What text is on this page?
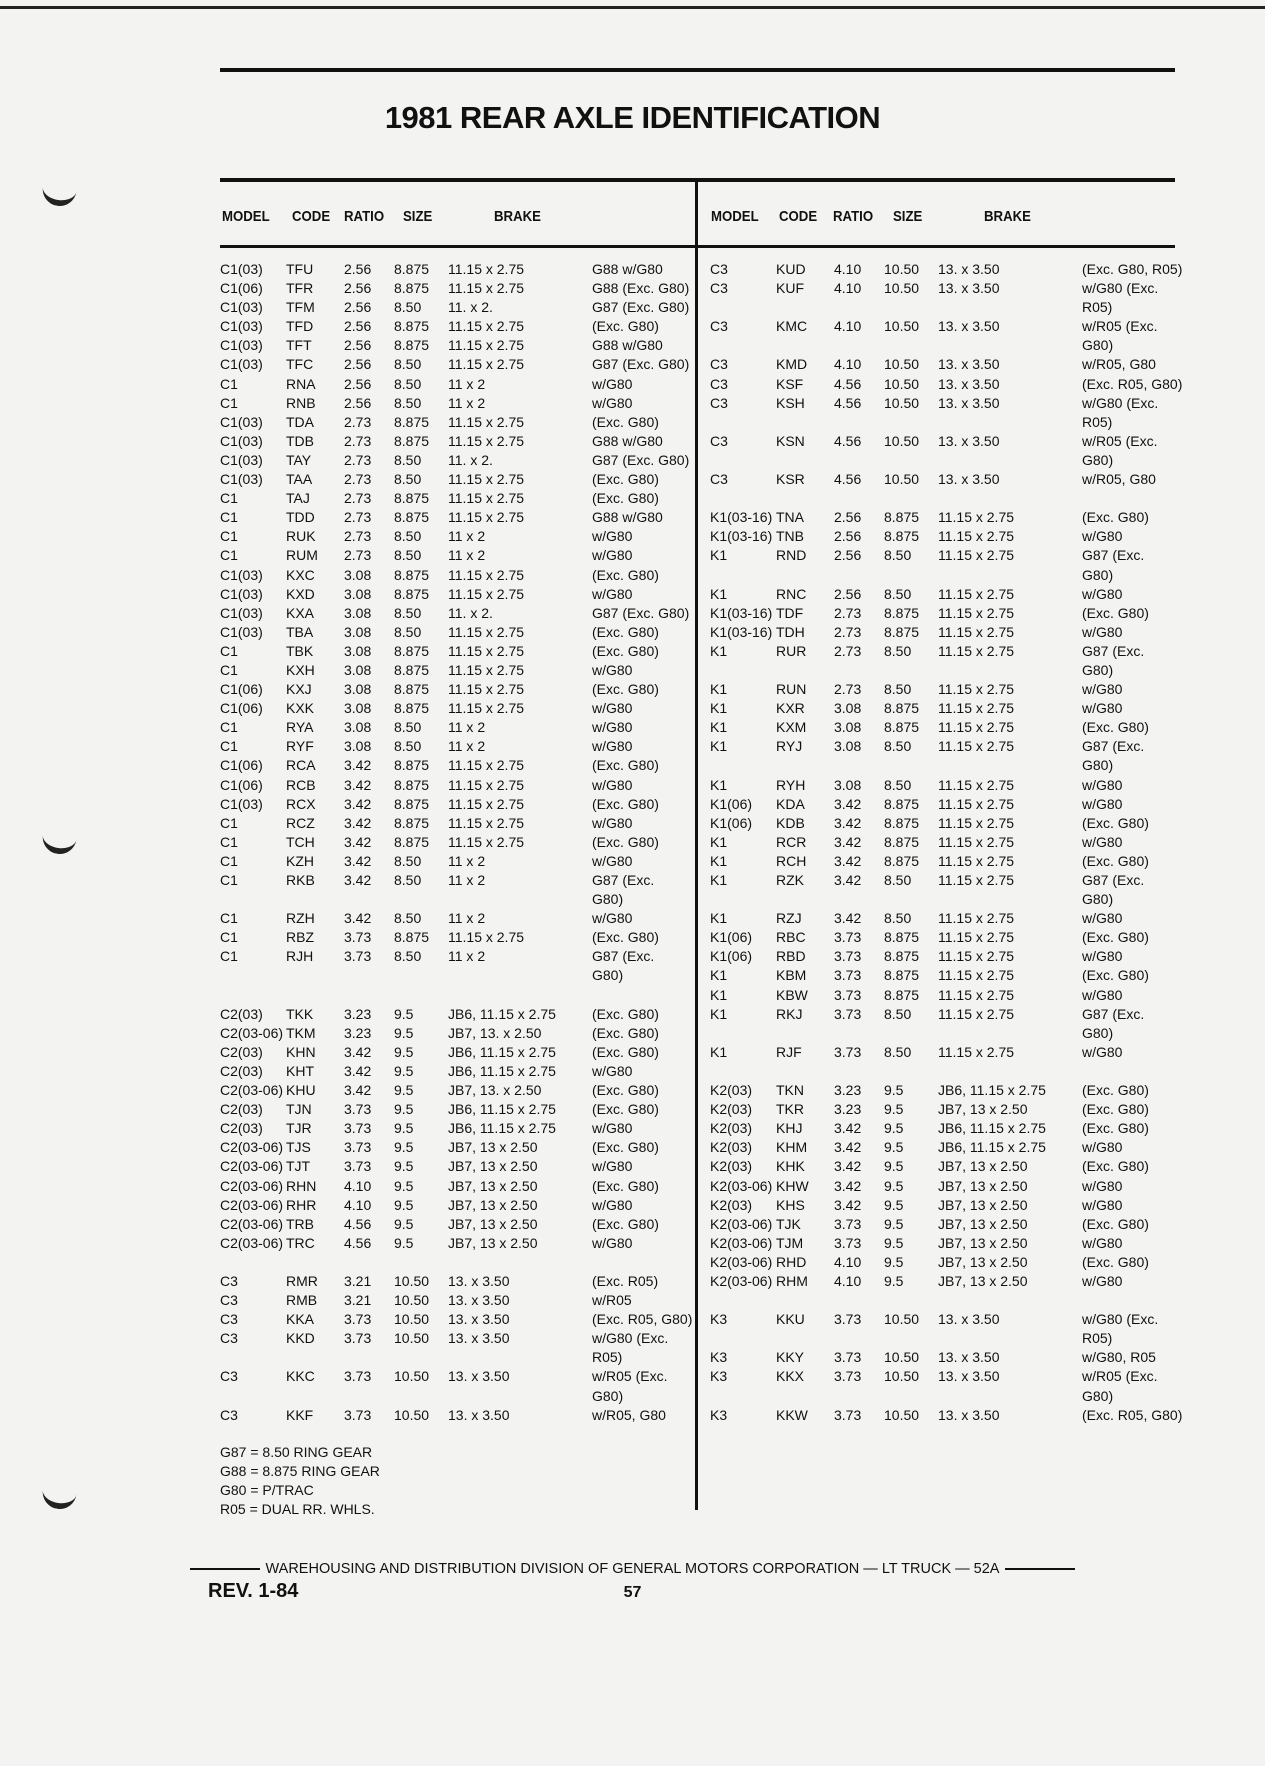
1981 REAR AXLE IDENTIFICATION
MODEL CODE RATIO SIZE	BRAKE	MODEL CODE RATIO SIZE	BRAKE
C1(03) TFU 2.56 8.875 11.15 x 2.75	G88 w/G80
C1(06) TFR 2.56 8.875 11.15 x 2.75	G88 (Exc. G80)
C1(03) TFM 2.56 8.50 11. x 2.	G87 (Exc. G80)
C1(03) TFD 2.56 8.875 11.15 x 2.75	(Exc. G80)
C1(03) TFT 2.56 8.875 11.15 x 2.75	G88 w/G80
C1(03) TFC 2.56 8.50 11.15 x 2.75	G87 (Exc. G80)
C1	RNA 2.56 8.50 11 x 2	w/G80
C1	RNB 2.56 8.50 11 x 2	w/G80
C1(03) TDA 2.73 8.875 11.15 x 2.75	(Exc. G80)
C1(03) TDB 2.73 8.875 11.15 x 2.75	G88 w/G80
C1(03) TAY 2.73 8.50 11. x 2.	G87 (Exc. G80)
C1(03) TAA 2.73 8.50 11.15 x 2.75	(Exc. G80)
C1	TAJ 2.73 8.875 11.15 x 2.75	(Exc. G80)
C1	TDD 2.73 8.875 11.15 x 2.75	G88 w/G80
C1	RUK 2.73 8.50 11 x 2	w/G80
C1	RUM 2.73 8.50 11 x 2	w/G80
C1(03) KXC 3.08 8.875 11.15 x 2.75	(Exc. G80)
C1(03) KXD 3.08 8.875 11.15 x 2.75	w/G80
C1(03) KXA 3.08 8.50 11. x 2.	G87 (Exc. G80)
C1(03) TBA 3.08 8.50 11.15 x 2.75	(Exc. G80)
C1	TBK 3.08 8.875 11.15 x 2.75	(Exc. G80)
C1	KXH 3.08 8.875 11.15 x 2.75	w/G80
C1(06) KXJ 3.08 8.875 11.15 x 2.75	(Exc. G80)
C1(06) KXK 3.08 8.875 11.15 x 2.75	w/G80
C1	RYA 3.08 8.50 11 x 2	w/G80
C1	RYF 3.08 8.50 11 x 2	w/G80
C1(06) RCA 3.42 8.875 11.15 x 2.75	(Exc. G80)
C1(06) RCB 3.42 8.875 11.15 x 2.75	w/G80
C1(03) RCX 3.42 8.875 11.15 x 2.75	(Exc. G80)
C1	RCZ 3.42 8.875 11.15 x 2.75	w/G80
C1	TCH 3.42 8.875 11.15 x 2.75	(Exc. G80)
C1	KZH 3.42 8.50 11 x 2	w/G80
C1	RKB 3.42 8.50 11 x 2	G87 (Exc.
G80)
C1	RZH 3.42 8.50 11 x 2	w/G80
C1	RBZ 3.73 8.875 11.15 x 2.75	(Exc. G80)
C1	RJH 3.73 8.50 11 x 2	G87 (Exc.
G80)
C2(03) TKK 3.23 9.5 JB6, 11.15 x 2.75	(Exc. G80)
C2(03-06) TKM 3.23 9.5 JB7, 13. x 2.50	(Exc. G80)
C2(03) KHN 3.42 9.5 JB6, 11.15 x 2.75	(Exc. G80)
C2(03) KHT 3.42 9.5 JB6, 11.15 x 2.75	w/G80
C2(03-06) KHU 3.42 9.5 JB7, 13. x 2.50	(Exc. G80)
C2(03) TJN 3.73 9.5 JB6, 11.15 x 2.75	(Exc. G80)
C2(03) TJR 3.73 9.5 JB6, 11.15 x 2.75	w/G80
C2(03-06) TJS 3.73 9.5 JB7, 13 x 2.50	(Exc. G80)
C2(03-06) TJT 3.73 9.5 JB7, 13 x 2.50	w/G80
C2(03-06) RHN 4.10 9.5 JB7, 13 x 2.50	(Exc. G80)
C2(03-06) RHR 4.10 9.5 JB7, 13 x 2.50	w/G80
C2(03-06) TRB 4.56 9.5 JB7, 13 x 2.50	(Exc. G80)
C2(03-06) TRC 4.56 9.5 JB7, 13 x 2.50	w/G80
C3	RMR 3.21 10.50 13. x 3.50	(Exc. R05)
C3	RMB 3.21 10.50 13. x 3.50	w/R05
C3	KKA 3.73 10.50 13. x 3.50	(Exc. R05, G80)
C3	KKD 3.73 10.50 13. x 3.50	w/G80 (Exc.
R05)
C3	KKC 3.73 10.50 13. x 3.50	w/R05 (Exc.
G80)
C3	KKF 3.73 10.50 13. x 3.50	w/R05, G80
C3	KUD 4.10 10.50 13. x 3.50	(Exc. G80, R05)
C3	KUF 4.10 10.50 13. x 3.50	w/G80 (Exc.
R05)
C3	KMC 4.10 10.50 13. x 3.50	w/R05 (Exc.
G80)
C3	KMD 4.10 10.50 13. x 3.50	w/R05, G80
C3	KSF 4.56 10.50 13. x 3.50	(Exc. R05, G80)
C3	KSH 4.56 10.50 13. x 3.50	w/G80 (Exc.
R05)
C3	KSN 4.56 10.50 13. x 3.50	w/R05 (Exc.
G80)
C3	KSR 4.56 10.50 13. x 3.50	w/R05, G80
K1(03-16) TNA 2.56 8.875 11.15 x 2.75	(Exc. G80)
K1(03-16) TNB 2.56 8.875 11.15 x 2.75	w/G80
K1	RND 2.56 8.50 11.15 x 2.75	G87 (Exc.
G80)
K1	RNC 2.56 8.50 11.15 x 2.75	w/G80
K1(03-16) TDF 2.73 8.875 11.15 x 2.75	(Exc. G80)
K1(03-16) TDH 2.73 8.875 11.15 x 2.75	w/G80
K1	RUR 2.73 8.50 11.15 x 2.75	G87 (Exc.
G80)
K1	RUN 2.73 8.50 11.15 x 2.75	w/G80
K1	KXR 3.08 8.875 11.15 x 2.75	w/G80
K1	KXM 3.08 8.875 11.15 x 2.75	(Exc. G80)
K1	RYJ 3.08 8.50 11.15 x 2.75	G87 (Exc.
G80)
K1	RYH 3.08 8.50 11.15 x 2.75	w/G80
K1(06) KDA 3.42 8.875 11.15 x 2.75	w/G80
K1(06) KDB 3.42 8.875 11.15 x 2.75	(Exc. G80)
K1	RCR 3.42 8.875 11.15 x 2.75	w/G80
K1	RCH 3.42 8.875 11.15 x 2.75	(Exc. G80)
K1	RZK 3.42 8.50 11.15 x 2.75	G87 (Exc.
G80)
K1	RZJ 3.42 8.50 11.15 x 2.75	w/G80
K1(06) RBC 3.73 8.875 11.15 x 2.75	(Exc. G80)
K1(06) RBD 3.73 8.875 11.15 x 2.75	w/G80
K1	KBM 3.73 8.875 11.15 x 2.75	(Exc. G80)
K1	KBW 3.73 8.875 11.15 x 2.75	w/G80
K1	RKJ 3.73 8.50 11.15 x 2.75	G87 (Exc.
G80)
K1	RJF 3.73 8.50 11.15 x 2.75	w/G80
K2(03) TKN 3.23 9.5 JB6, 11.15 x 2.75	(Exc. G80)
K2(03) TKR 3.23 9.5 JB7, 13 x 2.50	(Exc. G80)
K2(03) KHJ 3.42 9.5 JB6, 11.15 x 2.75	(Exc. G80)
K2(03) KHM 3.42 9.5 JB6, 11.15 x 2.75	w/G80
K2(03) KHK 3.42 9.5 JB7, 13 x 2.50	(Exc. G80)
K2(03-06) KHW 3.42 9.5 JB7, 13 x 2.50	w/G80
K2(03) KHS 3.42 9.5 JB7, 13 x 2.50	w/G80
K2(03-06) TJK 3.73 9.5 JB7, 13 x 2.50	(Exc. G80)
K2(03-06) TJM 3.73 9.5 JB7, 13 x 2.50	w/G80
K2(03-06) RHD 4.10 9.5 JB7, 13 x 2.50	(Exc. G80)
K2(03-06) RHM 4.10 9.5 JB7, 13 x 2.50	w/G80
K3	KKU 3.73 10.50 13. x 3.50	w/G80 (Exc.
R05)
K3	KKY 3.73 10.50 13. x 3.50	w/G80, R05
K3	KKX 3.73 10.50 13. x 3.50	w/R05 (Exc.
G80)
K3	KKW 3.73 10.50 13. x 3.50	(Exc. R05, G80)
G87 = 8.50 RING GEAR
G88 = 8.875 RING GEAR
G80 = P/TRAC
R05 = DUAL RR. WHLS.
WAREHOUSING AND DISTRIBUTION DIVISION OF GENERAL MOTORS CORPORATION — LT TRUCK — 52A
REV. 1-84	57
